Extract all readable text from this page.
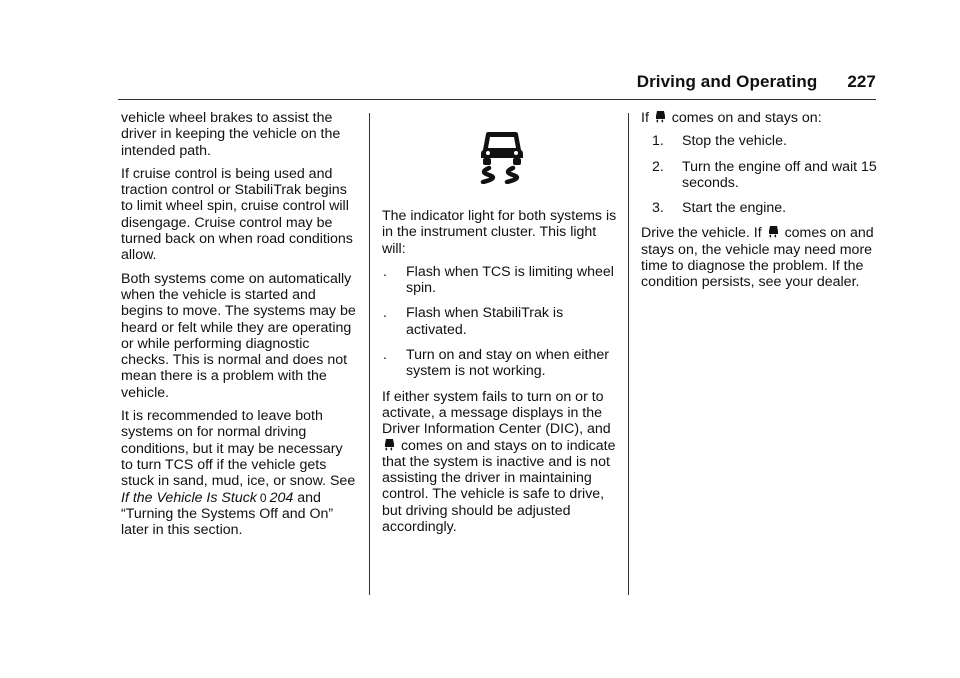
Driving and Operating 227

vehicle wheel brakes to assist the driver in keeping the vehicle on the intended path.

If cruise control is being used and traction control or StabiliTrak begins to limit wheel spin, cruise control will disengage. Cruise control may be turned back on when road conditions allow.

Both systems come on automatically when the vehicle is started and begins to move. The systems may be heard or felt while they are operating or while performing diagnostic checks. This is normal and does not mean there is a problem with the vehicle.

It is recommended to leave both systems on for normal driving conditions, but it may be necessary to turn TCS off if the vehicle gets stuck in sand, mud, ice, or snow. See If the Vehicle Is Stuck 0 204 and “Turning the Systems Off and On” later in this section.

The indicator light for both systems is in the instrument cluster. This light will:

.	Flash when TCS is limiting wheel spin.
.	Flash when StabiliTrak is activated.
.	Turn on and stay on when either system is not working.

If either system fails to turn on or to activate, a message displays in the Driver Information Center (DIC), and  comes on and stays on to indicate that the system is inactive and is not assisting the driver in maintaining control. The vehicle is safe to drive, but driving should be adjusted accordingly.

If comes on and stays on:

1.	Stop the vehicle.
2.	Turn the engine off and wait 15 seconds.
3.	Start the engine.

Drive the vehicle. If comes on and stays on, the vehicle may need more time to diagnose the problem. If the condition persists, see your dealer.
